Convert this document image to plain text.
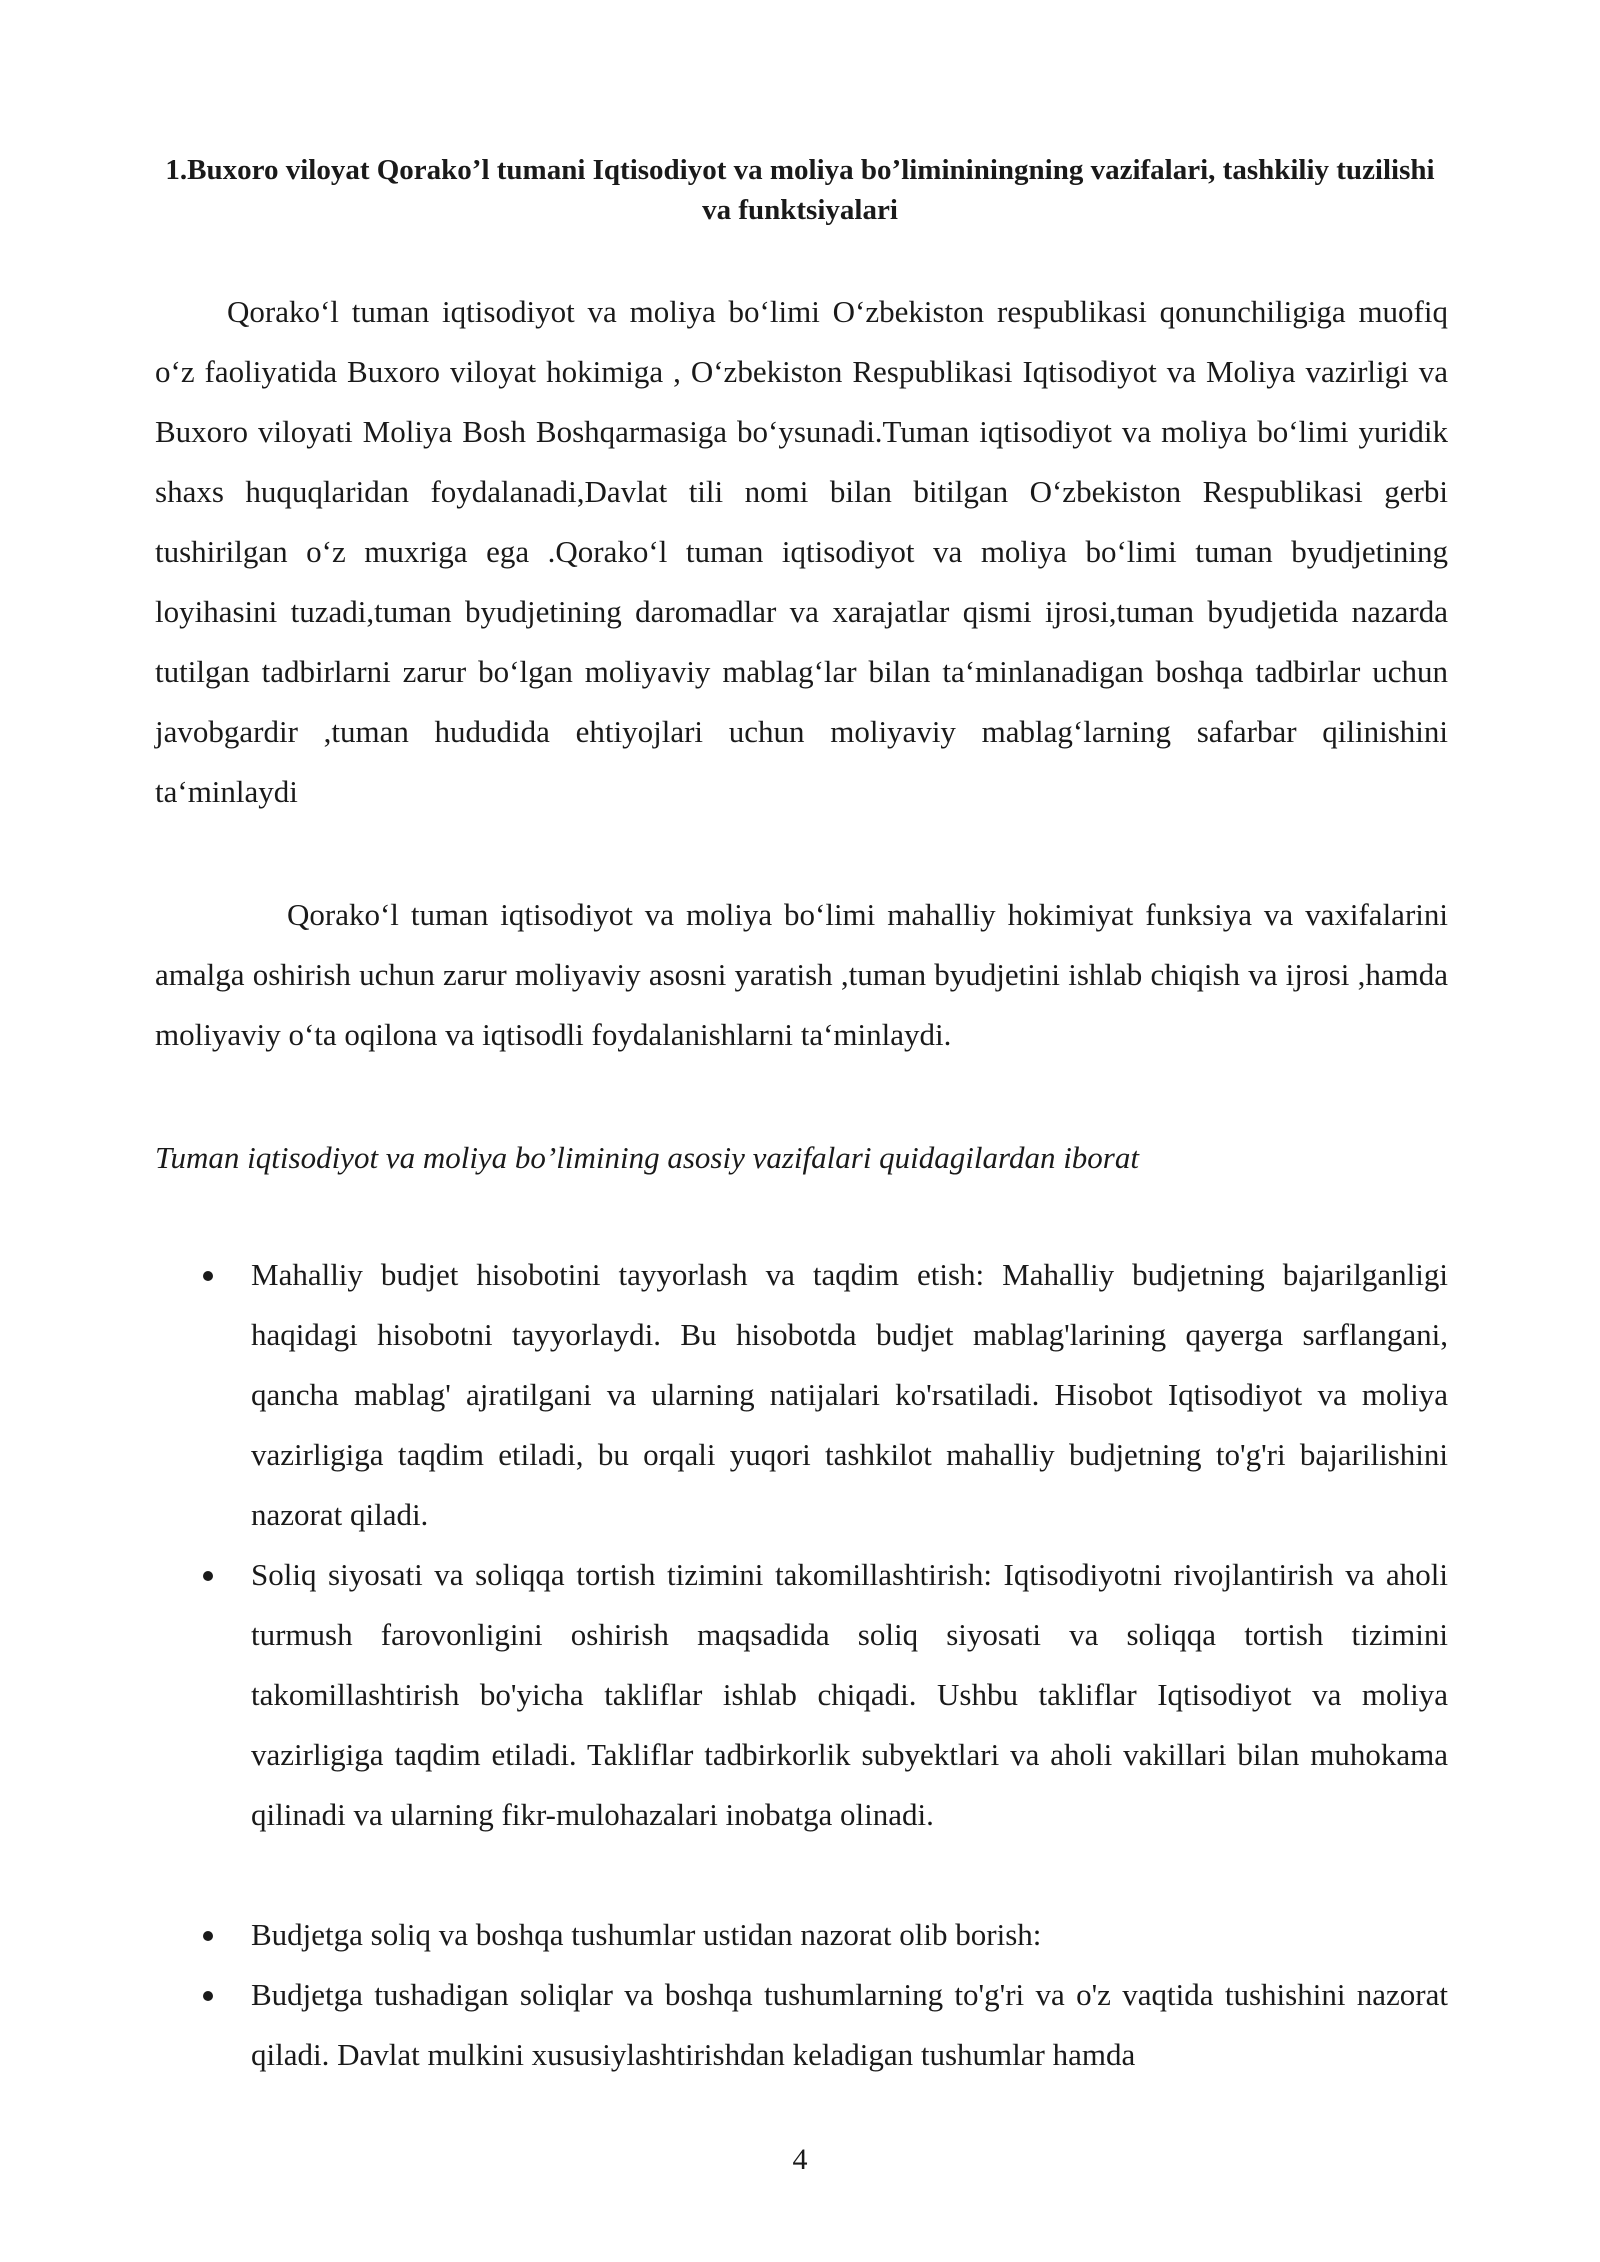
1.Buxoro viloyat Qorako’l tumani Iqtisodiyot va moliya bo’limininingning vazifalari, tashkiliy tuzilishi va funktsiyalari
Qorako‘l tuman iqtisodiyot va moliya bo‘limi O‘zbekiston respublikasi qonunchiligiga muofiq o‘z faoliyatida Buxoro viloyat hokimiga , O‘zbekiston Respublikasi Iqtisodiyot va Moliya vazirligi va Buxoro viloyati Moliya Bosh Boshqarmasiga bo‘ysunadi.Tuman iqtisodiyot va moliya bo‘limi yuridik shaxs huquqlaridan foydalanadi,Davlat tili nomi bilan bitilgan O‘zbekiston Respublikasi gerbi tushirilgan o‘z muxriga ega .Qorako‘l tuman iqtisodiyot va moliya bo‘limi tuman byudjetining loyihasini tuzadi,tuman byudjetining daromadlar va xarajatlar qismi ijrosi,tuman byudjetida nazarda tutilgan tadbirlarni zarur bo‘lgan moliyaviy mablag‘lar bilan ta‘minlanadigan boshqa tadbirlar uchun javobgardir ,tuman hududida ehtiyojlari uchun moliyaviy mablag‘larning safarbar qilinishini ta‘minlaydi
Qorako‘l tuman iqtisodiyot va moliya bo‘limi mahalliy hokimiyat funksiya va vaxifalarini amalga oshirish uchun zarur moliyaviy asosni yaratish ,tuman byudjetini ishlab chiqish va ijrosi ,hamda moliyaviy o‘ta oqilona va iqtisodli foydalanishlarni ta‘minlaydi.
Tuman iqtisodiyot va moliya bo’limining asosiy vazifalari quidagilardan iborat
Mahalliy budjet hisobotini tayyorlash va taqdim etish: Mahalliy budjetning bajarilganligi haqidagi hisobotni tayyorlaydi. Bu hisobotda budjet mablag'larining qayerga sarflangani, qancha mablag' ajratilgani va ularning natijalari ko'rsatiladi. Hisobot Iqtisodiyot va moliya vazirligiga taqdim etiladi, bu orqali yuqori tashkilot mahalliy budjetning to'g'ri bajarilishini nazorat qiladi.
Soliq siyosati va soliqqa tortish tizimini takomillashtirish: Iqtisodiyotni rivojlantirish va aholi turmush farovonligini oshirish maqsadida soliq siyosati va soliqqa tortish tizimini takomillashtirish bo'yicha takliflar ishlab chiqadi. Ushbu takliflar Iqtisodiyot va moliya vazirligiga taqdim etiladi. Takliflar tadbirkorlik subyektlari va aholi vakillari bilan muhokama qilinadi va ularning fikr-mulohazalari inobatga olinadi.
Budjetga soliq va boshqa tushumlar ustidan nazorat olib borish:
Budjetga tushadigan soliqlar va boshqa tushumlarning to'g'ri va o'z vaqtida tushishini nazorat qiladi. Davlat mulkini xususiylashtirishdan keladigan tushumlar hamda
4
